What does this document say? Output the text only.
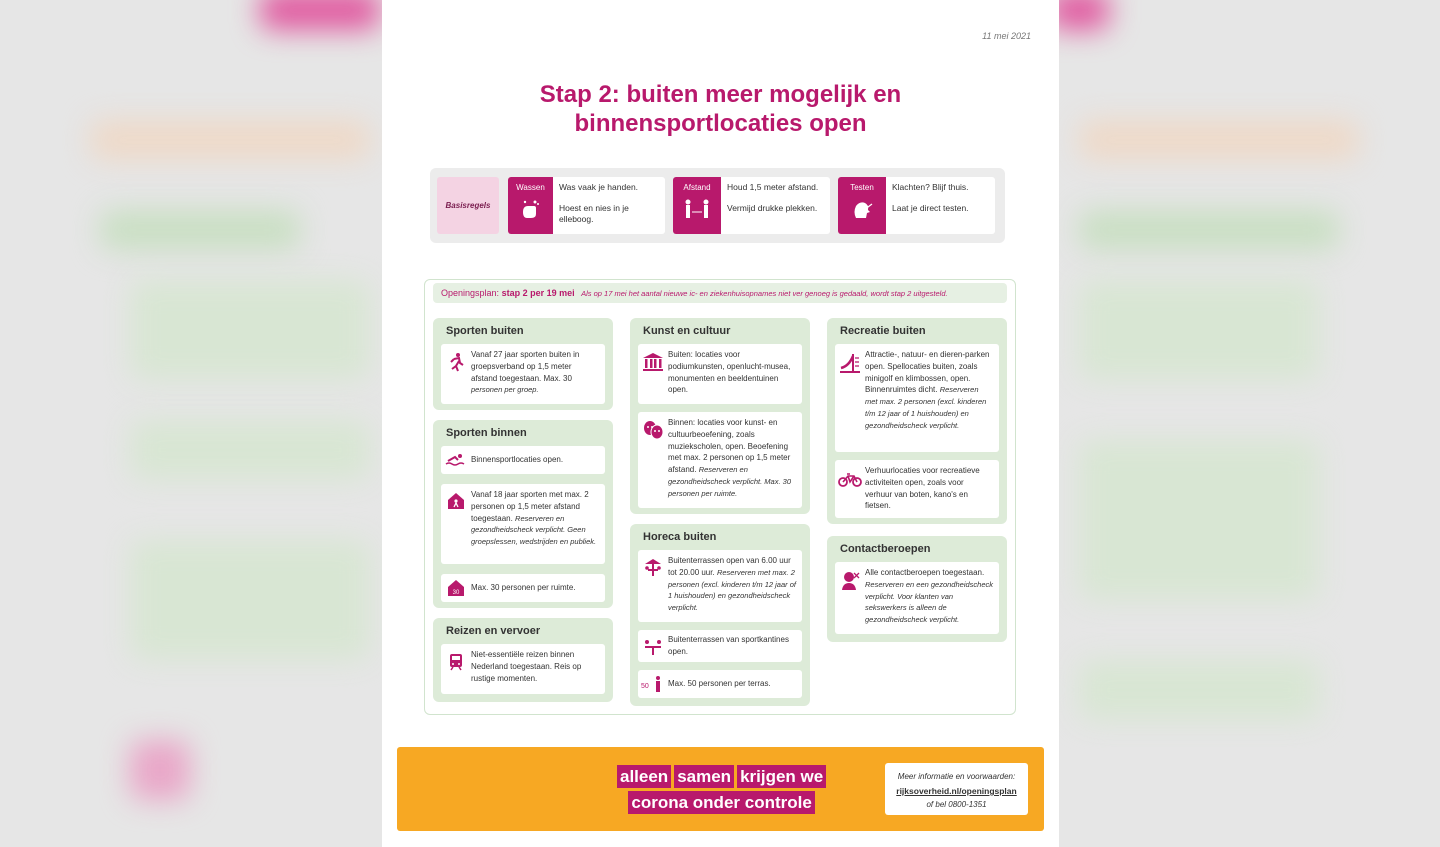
11 mei 2021
Stap 2: buiten meer mogelijk en
binnensportlocaties open
Basisregels
Wassen Was vaak je handen.

Hoest en nies in je elleboog.

Afstand Houd 1,5 meter afstand.

Vermijd drukke plekken.

Testen Klachten? Blijf thuis.

Laat je direct testen.

Openingsplan: stap 2 per 19 mei Als op 17 mei het aantal nieuwe ic- en ziekenhuisopnames niet ver genoeg is gedaald, wordt stap 2 uitgesteld.
Sporten buiten
Vanaf 27 jaar sporten buiten in groepsverband op 1,5 meter afstand toegestaan. Max. 30 personen per groep.
Sporten binnen
Binnensportlocaties open.
Vanaf 18 jaar sporten met max. 2 personen op 1,5 meter afstand toegestaan. Reserveren en gezondheidscheck verplicht. Geen groepslessen, wedstrijden en publiek.
30
Max. 30 personen per ruimte.
Reizen en vervoer
Niet-essentiële reizen binnen Nederland toegestaan. Reis op rustige momenten.
Kunst en cultuur
Buiten: locaties voor podiumkunsten, openlucht-musea, monumenten en beeldentuinen open.
Binnen: locaties voor kunst- en cultuurbeoefening, zoals muziekscholen, open. Beoefening met max. 2 personen op 1,5 meter afstand. Reserveren en gezondheidscheck verplicht. Max. 30 personen per ruimte.
Horeca buiten
Buitenterrassen open van 6.00 uur tot 20.00 uur. Reserveren met max. 2 personen (excl. kinderen t/m 12 jaar of 1 huishouden) en gezondheidscheck verplicht.
Buitenterrassen van sportkantines open.
50 Max. 50 personen per terras.
Recreatie buiten
Attractie-, natuur- en dieren-parken open. Spellocaties buiten, zoals minigolf en klimbossen, open. Binnenruimtes dicht. Reserveren met max. 2 personen (excl. kinderen t/m 12 jaar of 1 huishouden) en gezondheidscheck verplicht.
Verhuurlocaties voor recreatieve activiteiten open, zoals voor verhuur van boten, kano's en fietsen.
Contactberoepen
Alle contactberoepen toegestaan. Reserveren en een gezondheidscheck verplicht. Voor klanten van sekswerkers is alleen de gezondheidscheck verplicht.
alleen samen krijgen we
corona onder controle
Meer informatie en voorwaarden:
rijksoverheid.nl/openingsplan
of bel 0800-1351
